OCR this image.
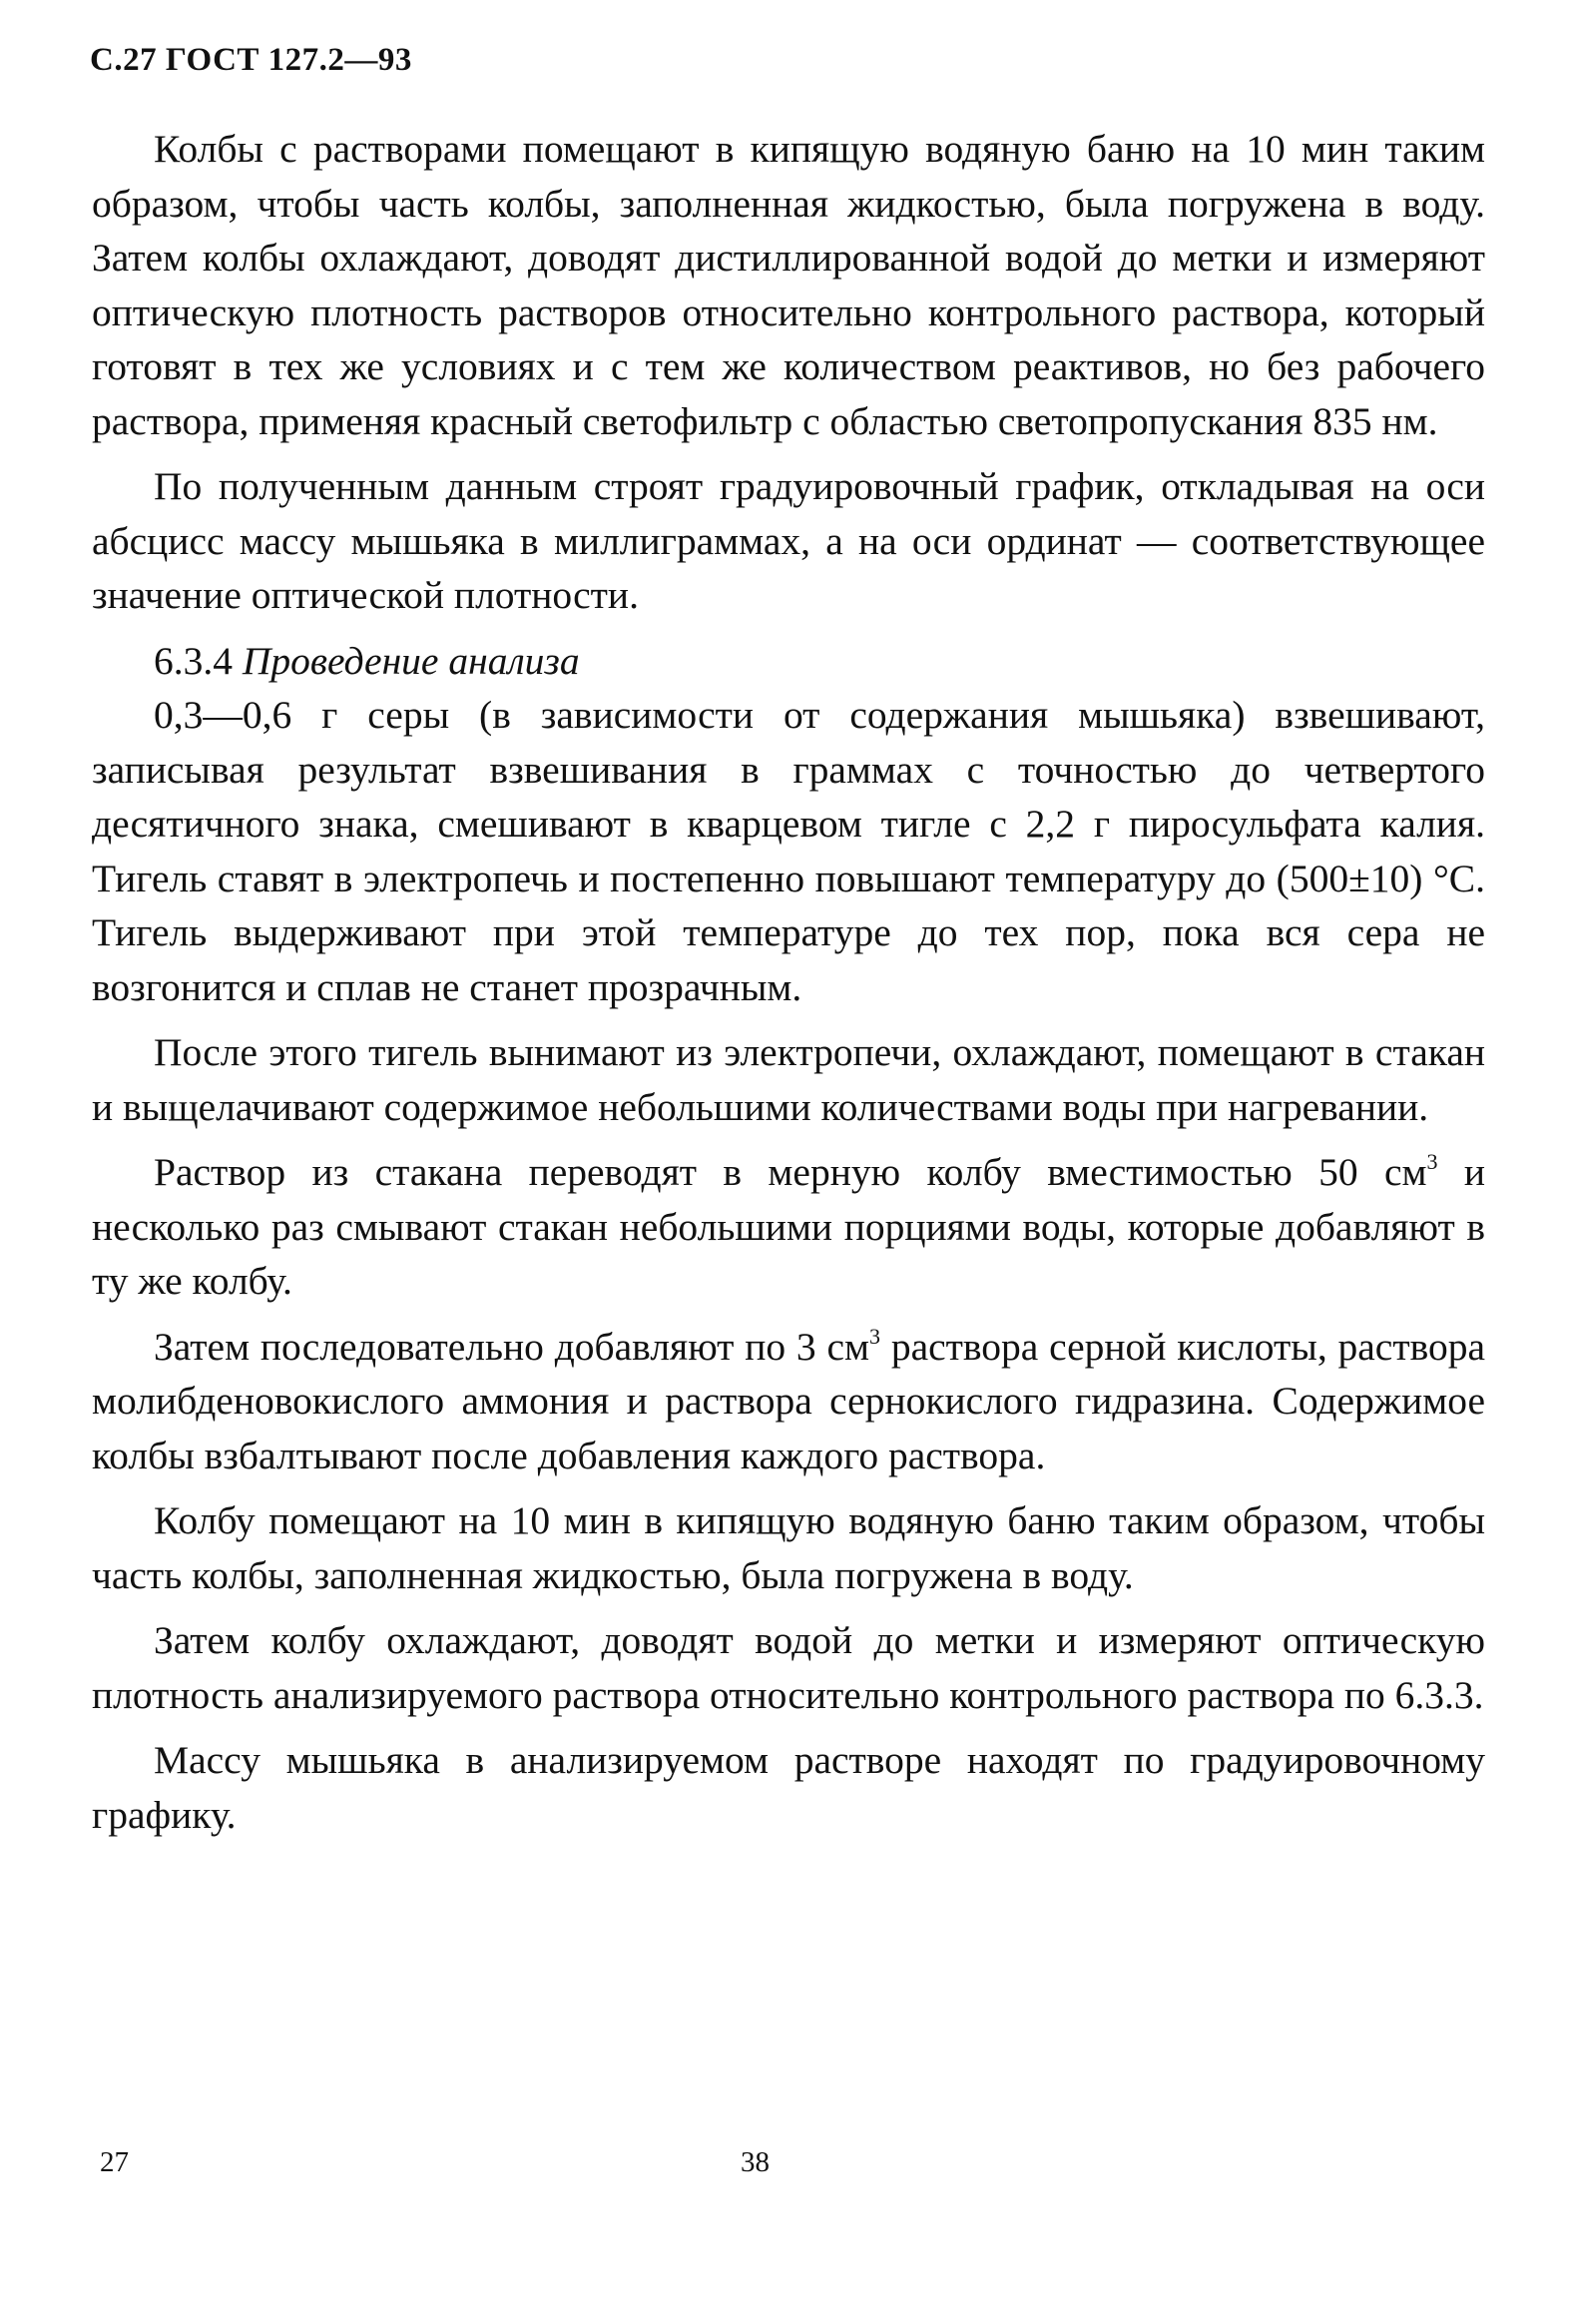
С.27 ГОСТ 127.2—93

Колбы с растворами помещают в кипящую водяную баню на 10 мин таким образом, чтобы часть колбы, заполненная жидкостью, была погружена в воду. Затем колбы охлаждают, доводят дистиллированной водой до метки и измеряют оптическую плотность растворов относительно контрольного раствора, который готовят в тех же условиях и с тем же количеством реактивов, но без рабочего раствора, применяя красный светофильтр с областью светопропускания 835 нм.

По полученным данным строят градуировочный график, откладывая на оси абсцисс массу мышьяка в миллиграммах, а на оси ординат — соответствующее значение оптической плотности.

6.3.4 Проведение анализа

0,3—0,6 г серы (в зависимости от содержания мышьяка) взвешивают, записывая результат взвешивания в граммах с точностью до четвертого десятичного знака, смешивают в кварцевом тигле с 2,2 г пиросульфата калия. Тигель ставят в электропечь и постепенно повышают температуру до (500±10) °С. Тигель выдерживают при этой температуре до тех пор, пока вся сера не возгонится и сплав не станет прозрачным.

После этого тигель вынимают из электропечи, охлаждают, помещают в стакан и выщелачивают содержимое небольшими количествами воды при нагревании.

Раствор из стакана переводят в мерную колбу вместимостью 50 $см^3$ и несколько раз смывают стакан небольшими порциями воды, которые добавляют в ту же колбу.

Затем последовательно добавляют по 3 $см^3$ раствора серной кислоты, раствора молибденовокислого аммония и раствора сернокислого гидразина. Содержимое колбы взбалтывают после добавления каждого раствора.

Колбу помещают на 10 мин в кипящую водяную баню таким образом, чтобы часть колбы, заполненная жидкостью, была погружена в воду.

Затем колбу охлаждают, доводят водой до метки и измеряют оптическую плотность анализируемого раствора относительно контрольного раствора по 6.3.3.

Массу мышьяка в анализируемом растворе находят по градуировочному графику.

27	38
